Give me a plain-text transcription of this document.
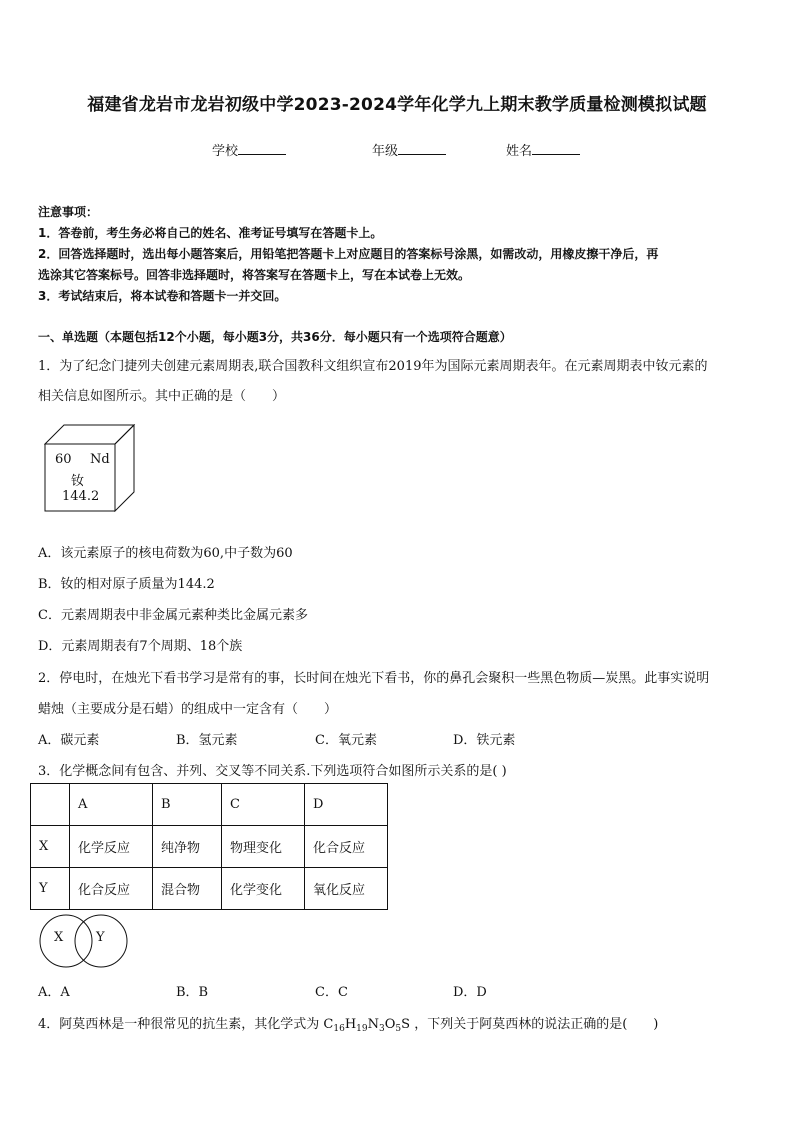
福建省龙岩市龙岩初级中学2023-2024学年化学九上期末教学质量检测模拟试题
学校	年级	姓名
注意事项：
1．答卷前，考生务必将自己的姓名、准考证号填写在答题卡上。
2．回答选择题时，选出每小题答案后，用铅笔把答题卡上对应题目的答案标号涂黑，如需改动，用橡皮擦干净后，再
选涂其它答案标号。回答非选择题时，将答案写在答题卡上，写在本试卷上无效。
3．考试结束后，将本试卷和答题卡一并交回。
一、单选题（本题包括12个小题，每小题3分，共36分．每小题只有一个选项符合题意）
1．为了纪念门捷列夫创建元素周期表,联合国教科文组织宣布2019年为国际元素周期表年。在元素周期表中钕元素的
相关信息如图所示。其中正确的是（　　）
60 Nd
钕
144.2
A．该元素原子的核电荷数为60,中子数为60
B．钕的相对原子质量为144.2
C．元素周期表中非金属元素种类比金属元素多
D．元素周期表有7个周期、18个族
2．停电时，在烛光下看书学习是常有的事，长时间在烛光下看书，你的鼻孔会聚积一些黑色物质—炭黑。此事实说明
蜡烛（主要成分是石蜡）的组成中一定含有（　　）
A．碳元素	B．氢元素	C．氧元素	D．铁元素
3．化学概念间有包含、并列、交叉等不同关系.下列选项符合如图所示关系的是( )
	A	B	C	D
X	化学反应	纯净物	物理变化	化合反应
Y	化合反应	混合物	化学变化	氧化反应
X	Y
A．A	B．B	C．C	D．D
4．阿莫西林是一种很常见的抗生素，其化学式为 $C_{16}H_{19}N_3O_5S$ ，下列关于阿莫西林的说法正确的是(　　)
